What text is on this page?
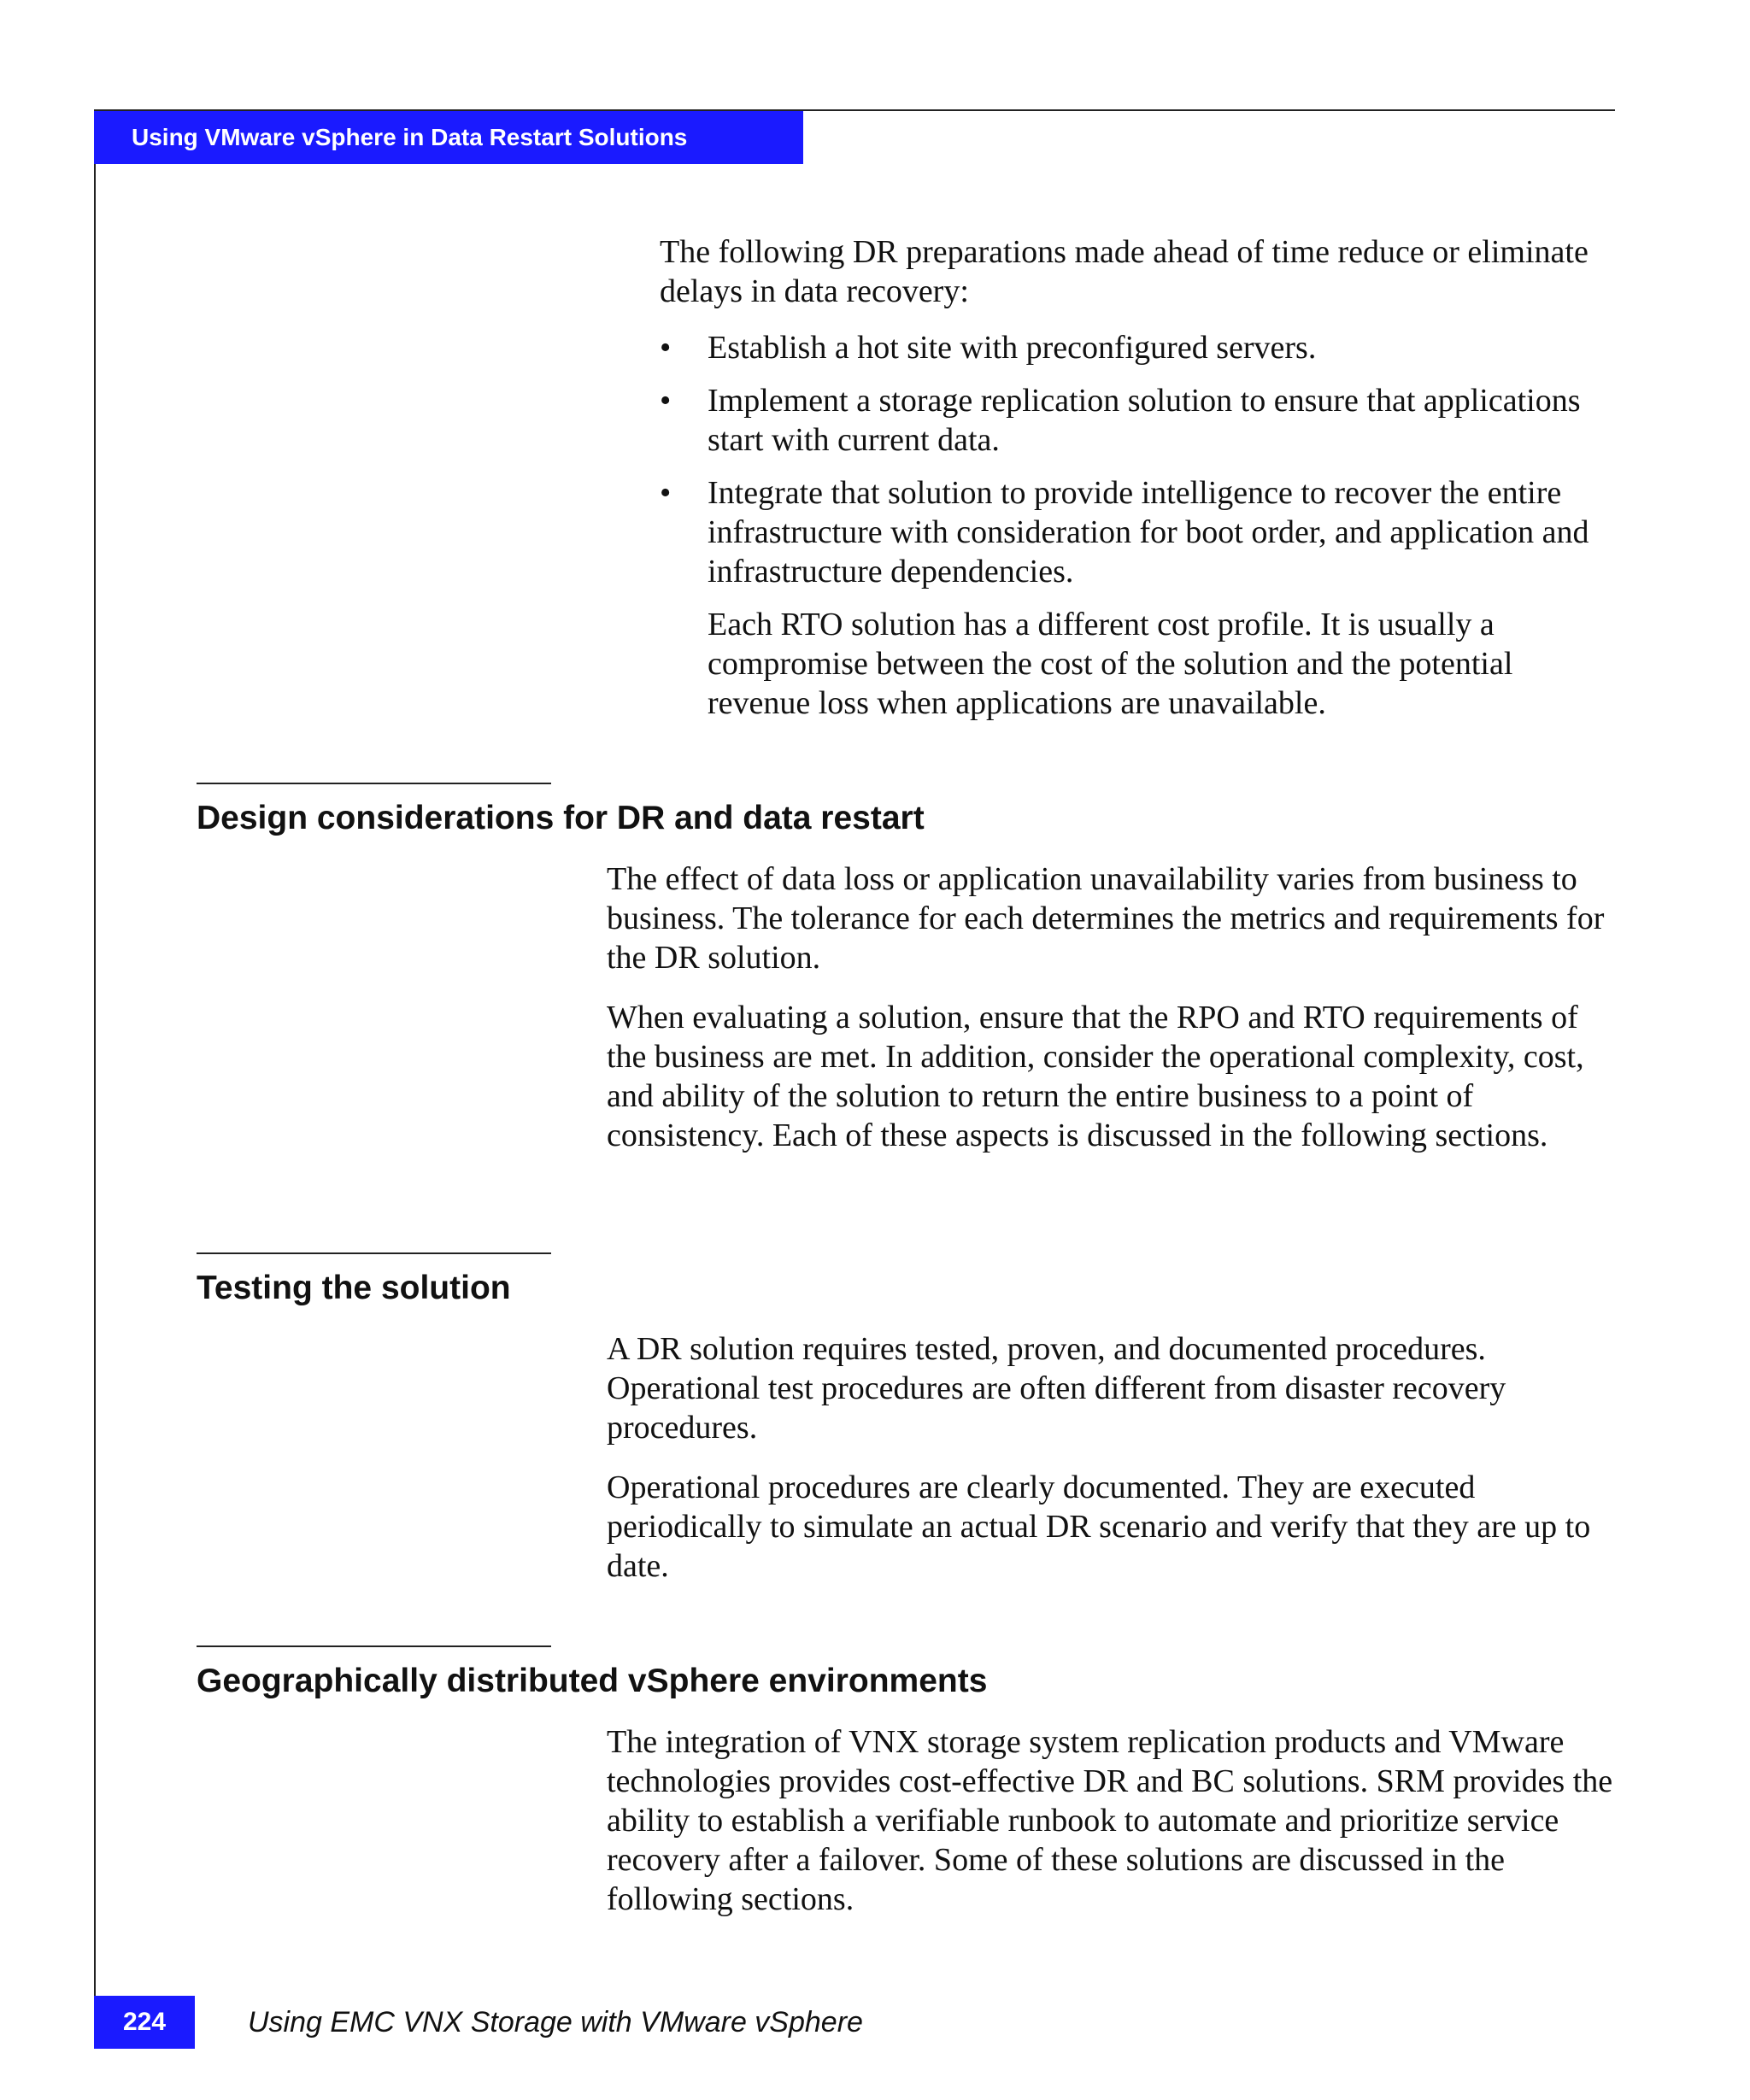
Using VMware vSphere in Data Restart Solutions

The following DR preparations made ahead of time reduce or eliminate delays in data recovery:

• Establish a hot site with preconfigured servers.
• Implement a storage replication solution to ensure that applications start with current data.
• Integrate that solution to provide intelligence to recover the entire infrastructure with consideration for boot order, and application and infrastructure dependencies.

Each RTO solution has a different cost profile. It is usually a compromise between the cost of the solution and the potential revenue loss when applications are unavailable.

Design considerations for DR and data restart

The effect of data loss or application unavailability varies from business to business. The tolerance for each determines the metrics and requirements for the DR solution.

When evaluating a solution, ensure that the RPO and RTO requirements of the business are met. In addition, consider the operational complexity, cost, and ability of the solution to return the entire business to a point of consistency. Each of these aspects is discussed in the following sections.

Testing the solution

A DR solution requires tested, proven, and documented procedures. Operational test procedures are often different from disaster recovery procedures.

Operational procedures are clearly documented. They are executed periodically to simulate an actual DR scenario and verify that they are up to date.

Geographically distributed vSphere environments

The integration of VNX storage system replication products and VMware technologies provides cost-effective DR and BC solutions. SRM provides the ability to establish a verifiable runbook to automate and prioritize service recovery after a failover. Some of these solutions are discussed in the following sections.

224	Using EMC VNX Storage with VMware vSphere
